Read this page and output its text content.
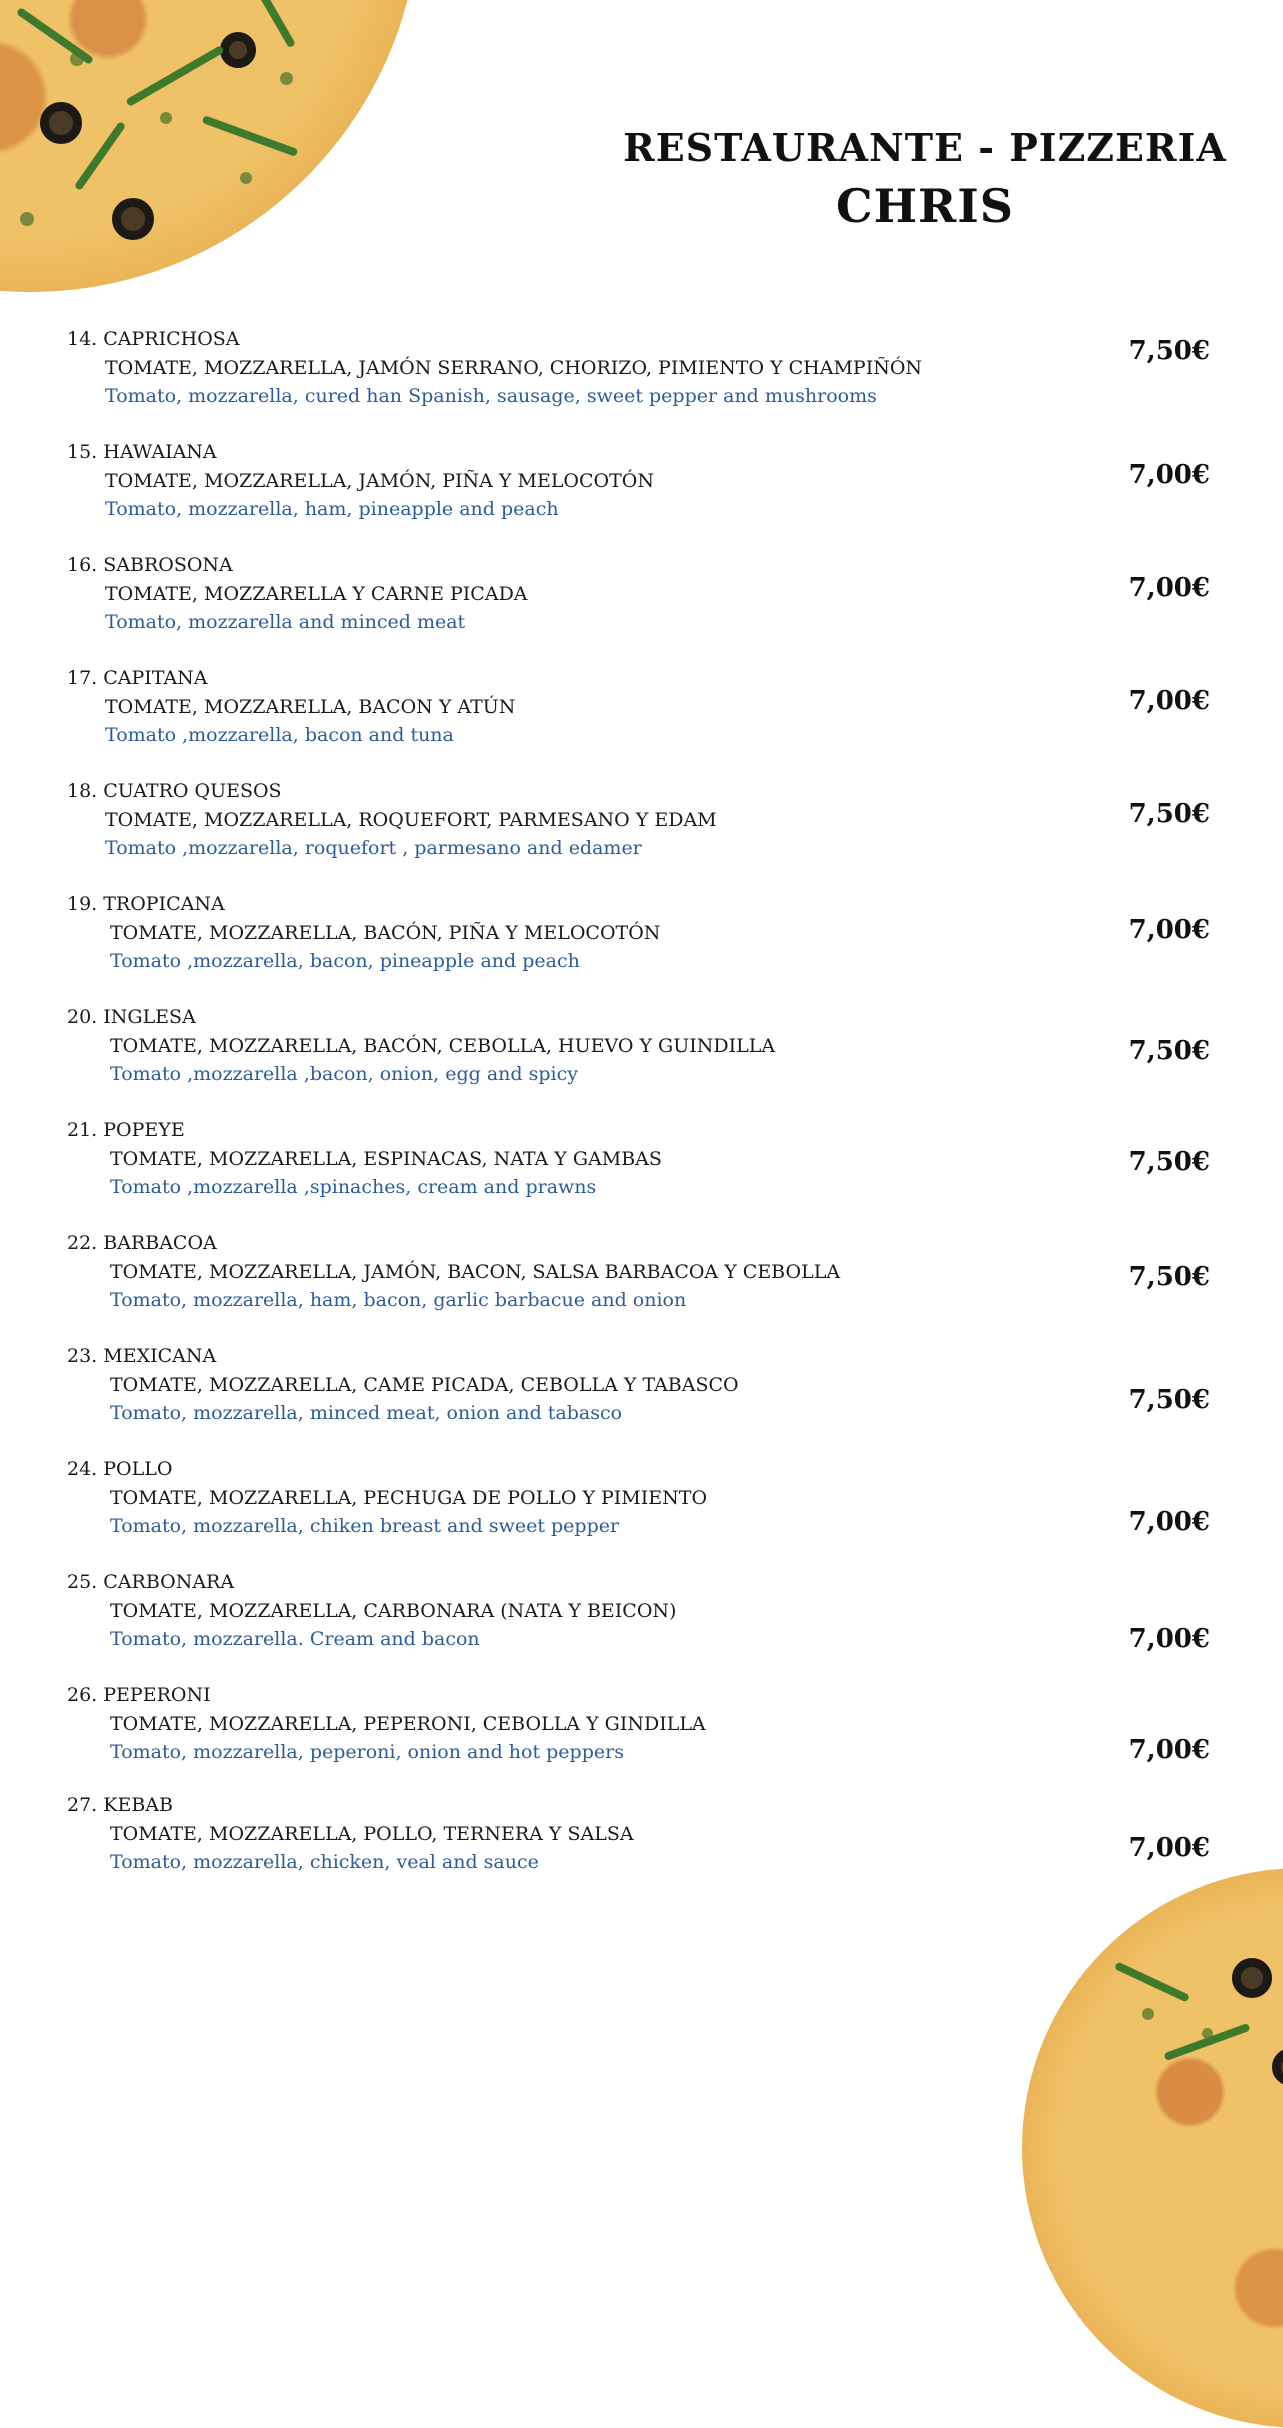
RESTAURANTE - PIZZERIA
CHRIS
14. CAPRICHOSA
TOMATE, MOZZARELLA, JAMÓN SERRANO, CHORIZO, PIMIENTO Y CHAMPIÑÓN
Tomato, mozzarella, cured han Spanish, sausage, sweet pepper and mushrooms
7,50€
15. HAWAIANA
TOMATE, MOZZARELLA, JAMÓN, PIÑA Y MELOCOTÓN
Tomato, mozzarella, ham, pineapple and peach
7,00€
16. SABROSONA
TOMATE, MOZZARELLA Y CARNE PICADA
Tomato, mozzarella and minced meat
7,00€
17. CAPITANA
TOMATE, MOZZARELLA, BACON Y ATÚN
Tomato ,mozzarella, bacon and tuna
7,00€
18. CUATRO QUESOS
TOMATE, MOZZARELLA, ROQUEFORT, PARMESANO Y EDAM
Tomato ,mozzarella, roquefort , parmesano and edamer
7,50€
19. TROPICANA
TOMATE, MOZZARELLA, BACÓN, PIÑA Y MELOCOTÓN
Tomato ,mozzarella, bacon, pineapple and peach
7,00€
20. INGLESA
TOMATE, MOZZARELLA, BACÓN, CEBOLLA, HUEVO Y GUINDILLA
Tomato ,mozzarella ,bacon, onion, egg and spicy
7,50€
21. POPEYE
TOMATE, MOZZARELLA, ESPINACAS, NATA Y GAMBAS
Tomato ,mozzarella ,spinaches, cream and prawns
7,50€
22. BARBACOA
TOMATE, MOZZARELLA, JAMÓN, BACON, SALSA BARBACOA Y CEBOLLA
Tomato, mozzarella, ham, bacon, garlic barbacue and onion
7,50€
23. MEXICANA
TOMATE, MOZZARELLA, CAME PICADA, CEBOLLA Y TABASCO
Tomato, mozzarella, minced meat, onion and tabasco	7,50€
24. POLLO
TOMATE, MOZZARELLA, PECHUGA DE POLLO Y PIMIENTO
Tomato, mozzarella, chiken breast and sweet pepper	7,00€
25. CARBONARA
TOMATE, MOZZARELLA, CARBONARA (NATA Y BEICON)
Tomato, mozzarella. Cream and bacon	7,00€
26. PEPERONI
TOMATE, MOZZARELLA, PEPERONI, CEBOLLA Y GINDILLA
Tomato, mozzarella, peperoni, onion and hot peppers	7,00€
27. KEBAB
TOMATE, MOZZARELLA, POLLO, TERNERA Y SALSA
Tomato, mozzarella, chicken, veal and sauce	7,00€
